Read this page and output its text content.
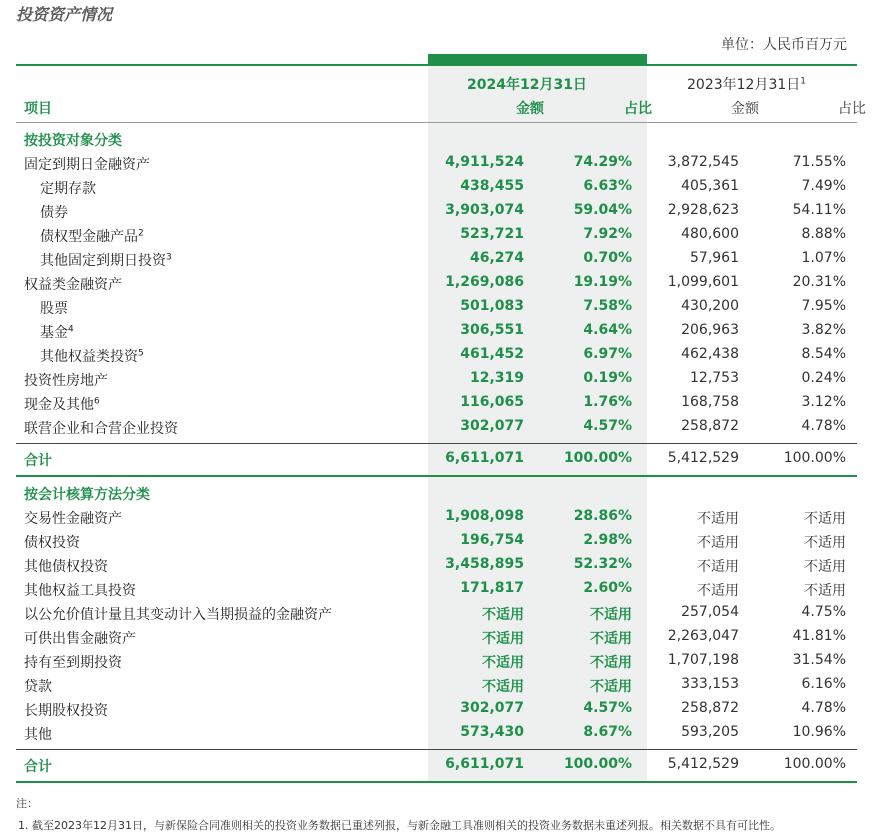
投资资产情况
单位：人民币百万元
2024年12月31日	2023年12月31日$^1$
项目	金额	占比	金额	占比
按投资对象分类
固定到期日金融资产	4,911,524	74.29%	3,872,545	71.55%
定期存款	438,455	6.63%	405,361	7.49%
债券	3,903,074	59.04%	2,928,623	54.11%
债权型金融产品$^2$	523,721	7.92%	480,600	8.88%
其他固定到期日投资$^3$	46,274	0.70%	57,961	1.07%
权益类金融资产	1,269,086	19.19%	1,099,601	20.31%
股票	501,083	7.58%	430,200	7.95%
基金$^4$	306,551	4.64%	206,963	3.82%
其他权益类投资$^5$	461,452	6.97%	462,438	8.54%
投资性房地产	12,319	0.19%	12,753	0.24%
现金及其他$^6$	116,065	1.76%	168,758	3.12%
联营企业和合营企业投资	302,077	4.57%	258,872	4.78%
合计	6,611,071	100.00%	5,412,529	100.00%
按会计核算方法分类
交易性金融资产	1,908,098	28.86%	不适用	不适用
债权投资	196,754	2.98%	不适用	不适用
其他债权投资	3,458,895	52.32%	不适用	不适用
其他权益工具投资	171,817	2.60%	不适用	不适用
以公允价值计量且其变动计入当期损益的金融资产	不适用	不适用	257,054	4.75%
可供出售金融资产	不适用	不适用	2,263,047	41.81%
持有至到期投资	不适用	不适用	1,707,198	31.54%
贷款	不适用	不适用	333,153	6.16%
长期股权投资	302,077	4.57%	258,872	4.78%
其他	573,430	8.67%	593,205	10.96%
合计	6,611,071	100.00%	5,412,529	100.00%
注：
1. 截至2023年12月31日，与新保险合同准则相关的投资业务数据已重述列报，与新金融工具准则相关的投资业务数据未重述列报。相关数据不具有可比性。
